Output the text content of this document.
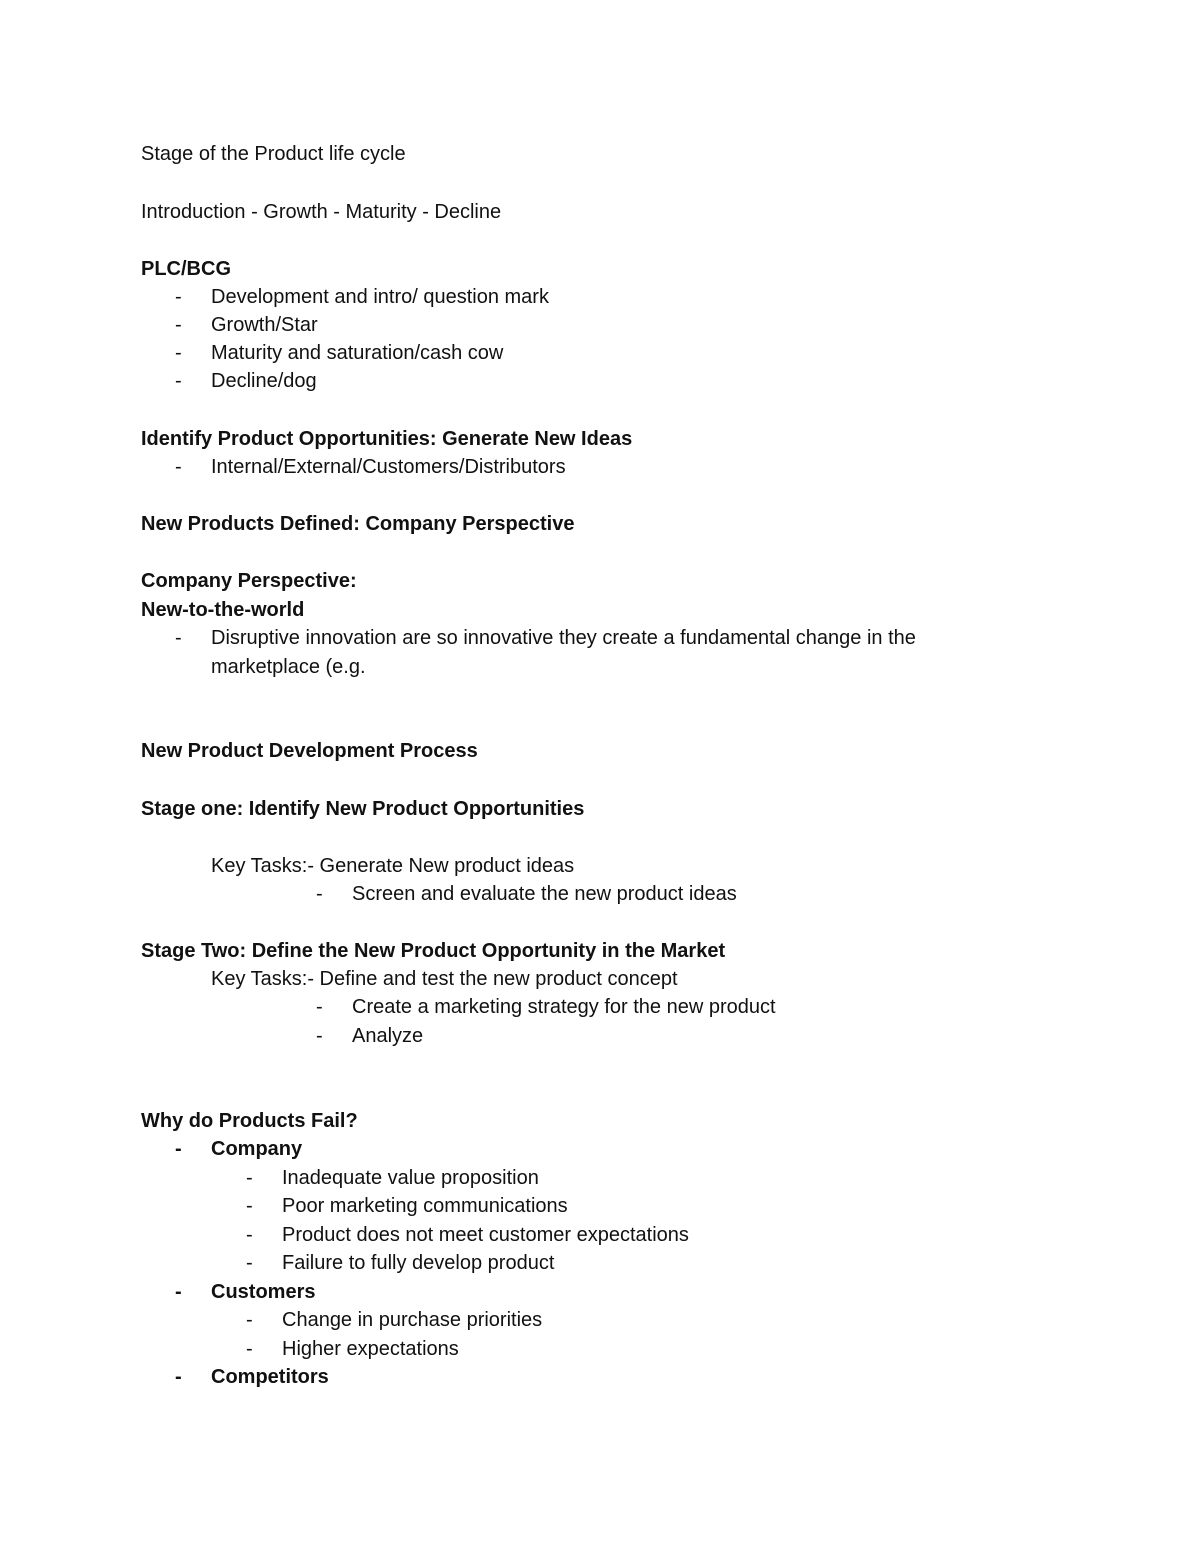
Stage of the Product life cycle
Introduction - Growth - Maturity - Decline
PLC/BCG
- Development and intro/ question mark
- Growth/Star
- Maturity and saturation/cash cow
- Decline/dog
Identify Product Opportunities: Generate New Ideas
- Internal/External/Customers/Distributors
New Products Defined: Company Perspective
Company Perspective:
New-to-the-world
- Disruptive innovation are so innovative they create a fundamental change in the
marketplace (e.g.
New Product Development Process
Stage one: Identify New Product Opportunities
Key Tasks:- Generate New product ideas
- Screen and evaluate the new product ideas
Stage Two: Define the New Product Opportunity in the Market
Key Tasks:- Define and test the new product concept
- Create a marketing strategy for the new product
- Analyze
Why do Products Fail?
- Company
- Inadequate value proposition
- Poor marketing communications
- Product does not meet customer expectations
- Failure to fully develop product
- Customers
- Change in purchase priorities
- Higher expectations
- Competitors
